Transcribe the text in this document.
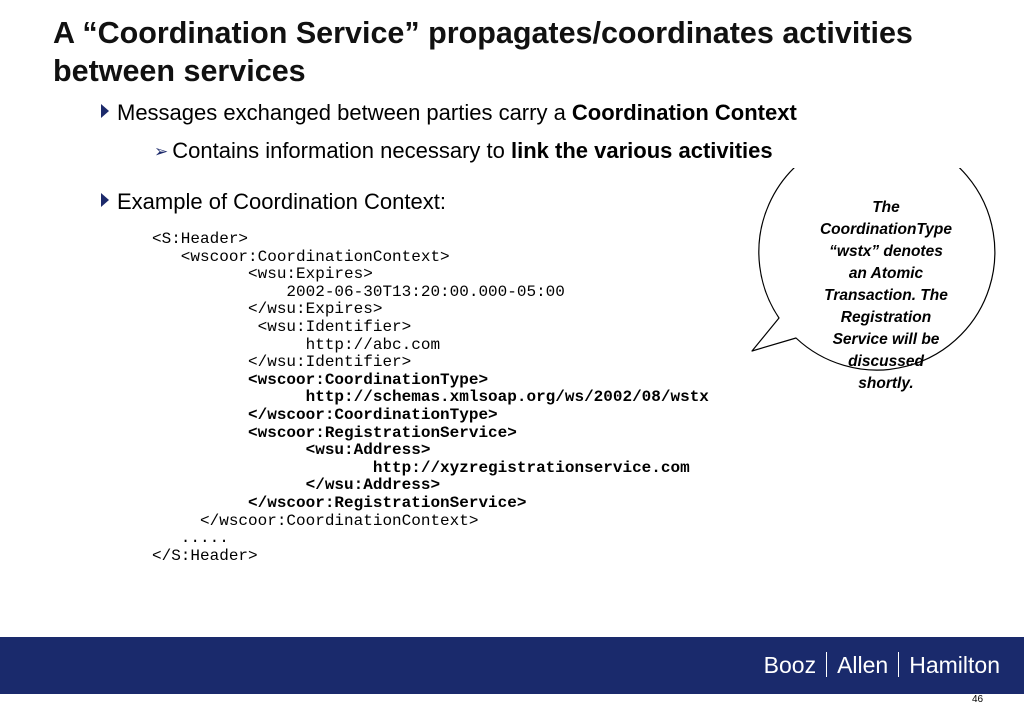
A “Coordination Service” propagates/coordinates activities between services
Messages exchanged between parties carry a Coordination Context
➢ Contains information necessary to link the various activities
Example of Coordination Context:
<S:Header>
<wscoor:CoordinationContext>
<wsu:Expires>
2002-06-30T13:20:00.000-05:00
</wsu:Expires>
<wsu:Identifier>
http://abc.com
</wsu:Identifier>
<wscoor:CoordinationType>
http://schemas.xmlsoap.org/ws/2002/08/wstx
</wscoor:CoordinationType>
<wscoor:RegistrationService>
<wsu:Address>
http://xyzregistrationservice.com
</wsu:Address>
</wscoor:RegistrationService>
</wscoor:CoordinationContext>
.....
</S:Header>
The
CoordinationType
“wstx” denotes
an Atomic
Transaction. The
Registration
Service will be
discussed
shortly.
Booz Allen Hamilton
46
